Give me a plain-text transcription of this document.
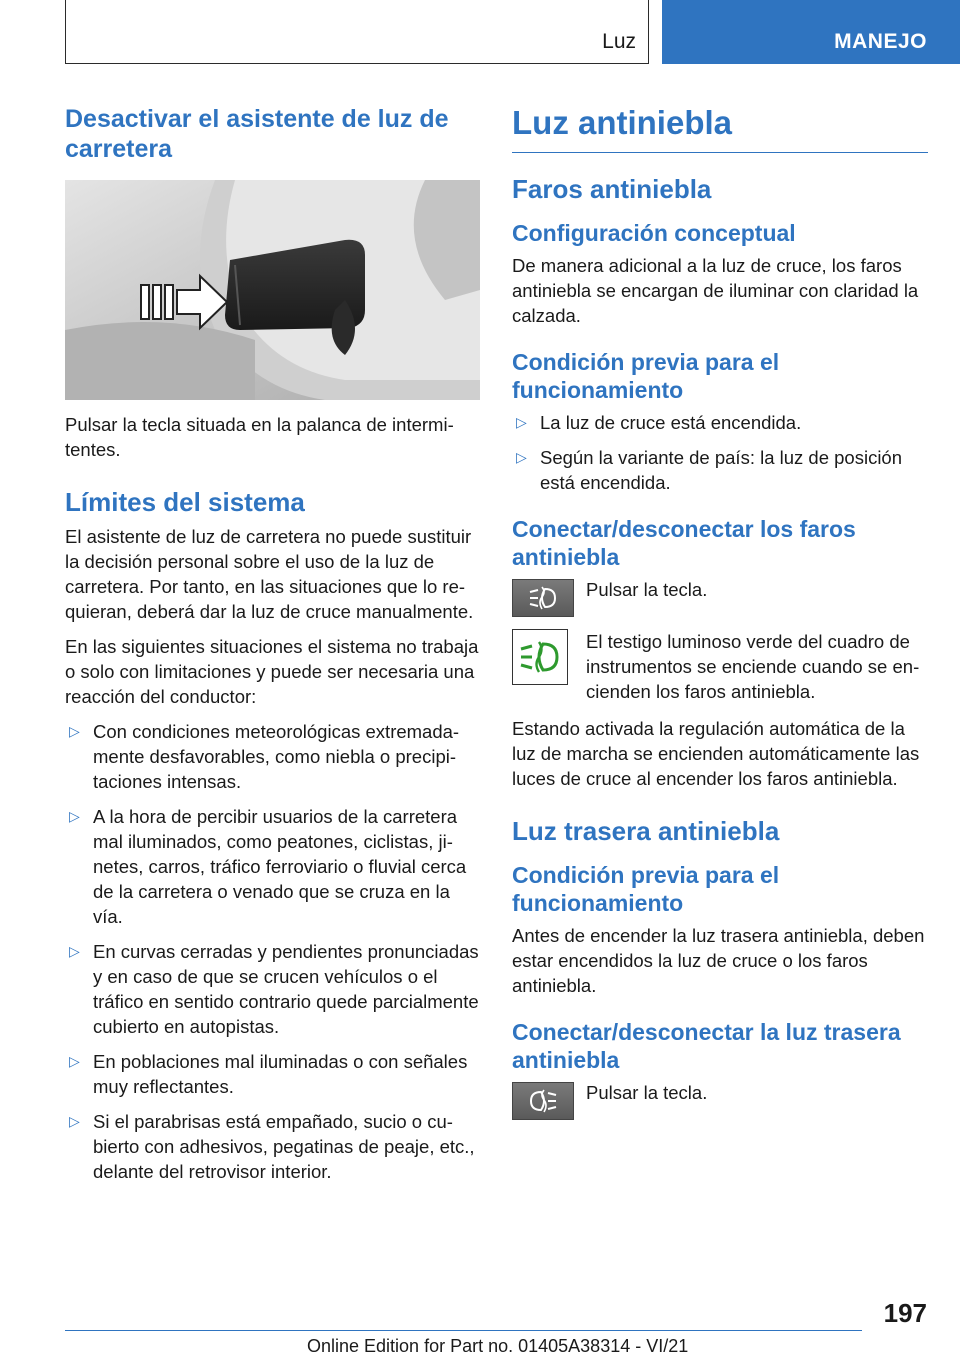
Luz	MANEJO
Desactivar el asistente de luz de carretera

Pulsar la tecla situada en la palanca de intermitentes.

Límites del sistema

El asistente de luz de carretera no puede sustituir la decisión personal sobre el uso de la luz de carretera. Por tanto, en las situaciones que lo requieran, deberá dar la luz de cruce manualmente.

En las siguientes situaciones el sistema no trabaja o solo con limitaciones y puede ser necesaria una reacción del conductor:

▷ Con condiciones meteorológicas extremadamente desfavorables, como niebla o precipitaciones intensas.
▷ A la hora de percibir usuarios de la carretera mal iluminados, como peatones, ciclistas, jinetes, carros, tráfico ferroviario o fluvial cerca de la carretera o venado que se cruza en la vía.
▷ En curvas cerradas y pendientes pronunciadas y en caso de que se crucen vehículos o el tráfico en sentido contrario quede parcialmente cubierto en autopistas.
▷ En poblaciones mal iluminadas o con señales muy reflectantes.
▷ Si el parabrisas está empañado, sucio o cubierto con adhesivos, pegatinas de peaje, etc., delante del retrovisor interior.
Luz antiniebla
Faros antiniebla
Configuración conceptual

De manera adicional a la luz de cruce, los faros antiniebla se encargan de iluminar con claridad la calzada.

Condición previa para el funcionamiento
▷ La luz de cruce está encendida.
▷ Según la variante de país: la luz de posición está encendida.
Conectar/desconectar los faros antiniebla
Pulsar la tecla.
El testigo luminoso verde del cuadro de instrumentos se enciende cuando se encienden los faros antiniebla.

Estando activada la regulación automática de la luz de marcha se encienden automáticamente las luces de cruce al encender los faros antiniebla.

Luz trasera antiniebla
Condición previa para el funcionamiento

Antes de encender la luz trasera antiniebla, deben estar encendidos la luz de cruce o los faros antiniebla.

Conectar/desconectar la luz trasera antiniebla
Pulsar la tecla.
197
Online Edition for Part no. 01405A38314 - VI/21
